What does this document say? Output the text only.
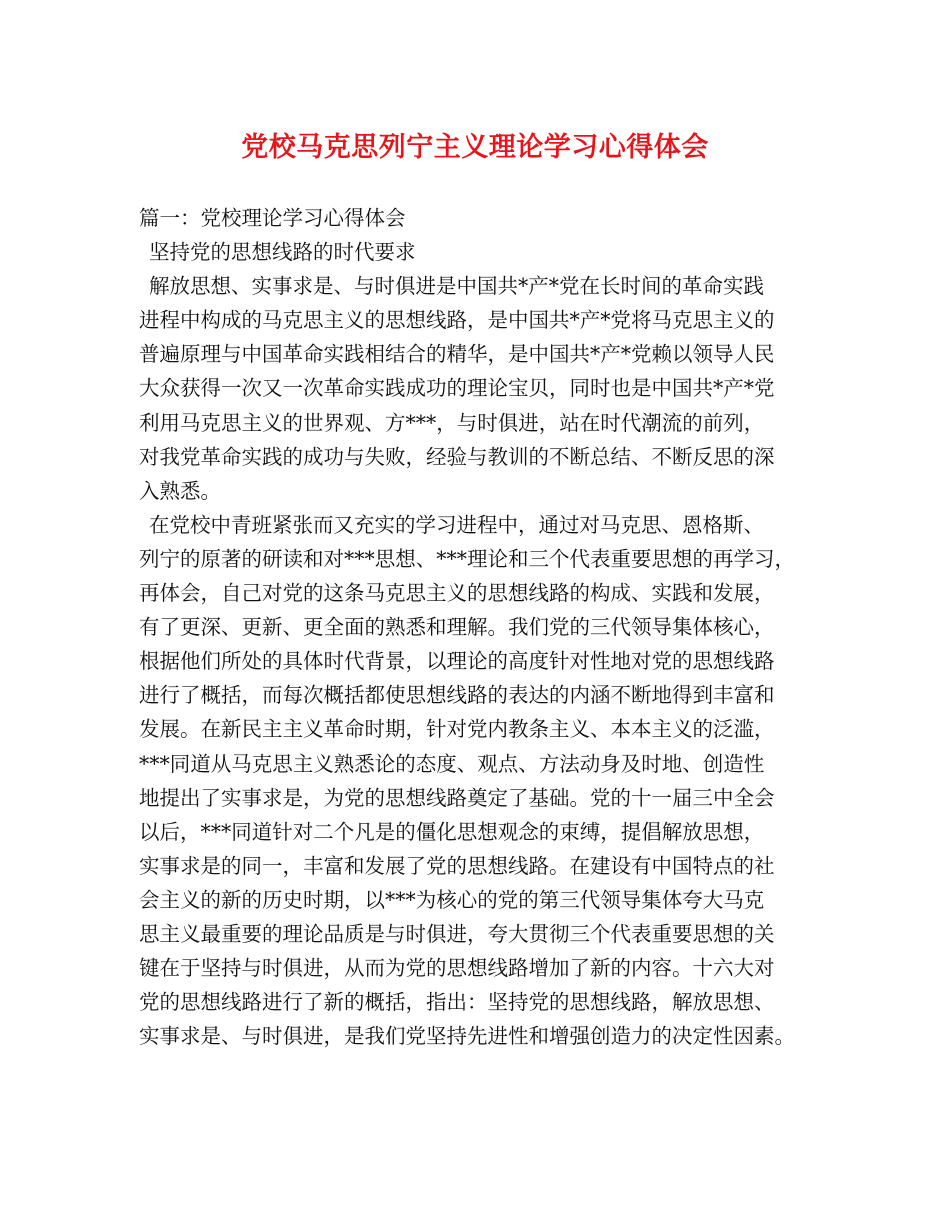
党校马克思列宁主义理论学习心得体会
篇一：党校理论学习心得体会
坚持党的思想线路的时代要求
解放思想、实事求是、与时俱进是中国共*产*党在长时间的革命实践
进程中构成的马克思主义的思想线路，是中国共*产*党将马克思主义的
普遍原理与中国革命实践相结合的精华，是中国共*产*党赖以领导人民
大众获得一次又一次革命实践成功的理论宝贝，同时也是中国共*产*党
利用马克思主义的世界观、方***，与时俱进，站在时代潮流的前列，
对我党革命实践的成功与失败，经验与教训的不断总结、不断反思的深
入熟悉。
在党校中青班紧张而又充实的学习进程中，通过对马克思、恩格斯、
列宁的原著的研读和对***思想、***理论和三个代表重要思想的再学习，
再体会，自己对党的这条马克思主义的思想线路的构成、实践和发展，
有了更深、更新、更全面的熟悉和理解。我们党的三代领导集体核心，
根据他们所处的具体时代背景，以理论的高度针对性地对党的思想线路
进行了概括，而每次概括都使思想线路的表达的内涵不断地得到丰富和
发展。在新民主主义革命时期，针对党内教条主义、本本主义的泛滥，
***同道从马克思主义熟悉论的态度、观点、方法动身及时地、创造性
地提出了实事求是，为党的思想线路奠定了基础。党的十一届三中全会
以后，***同道针对二个凡是的僵化思想观念的束缚，提倡解放思想，
实事求是的同一，丰富和发展了党的思想线路。在建设有中国特点的社
会主义的新的历史时期，以***为核心的党的第三代领导集体夸大马克
思主义最重要的理论品质是与时俱进，夸大贯彻三个代表重要思想的关
键在于坚持与时俱进，从而为党的思想线路增加了新的内容。十六大对
党的思想线路进行了新的概括，指出：坚持党的思想线路，解放思想、
实事求是、与时俱进，是我们党坚持先进性和增强创造力的决定性因素。
